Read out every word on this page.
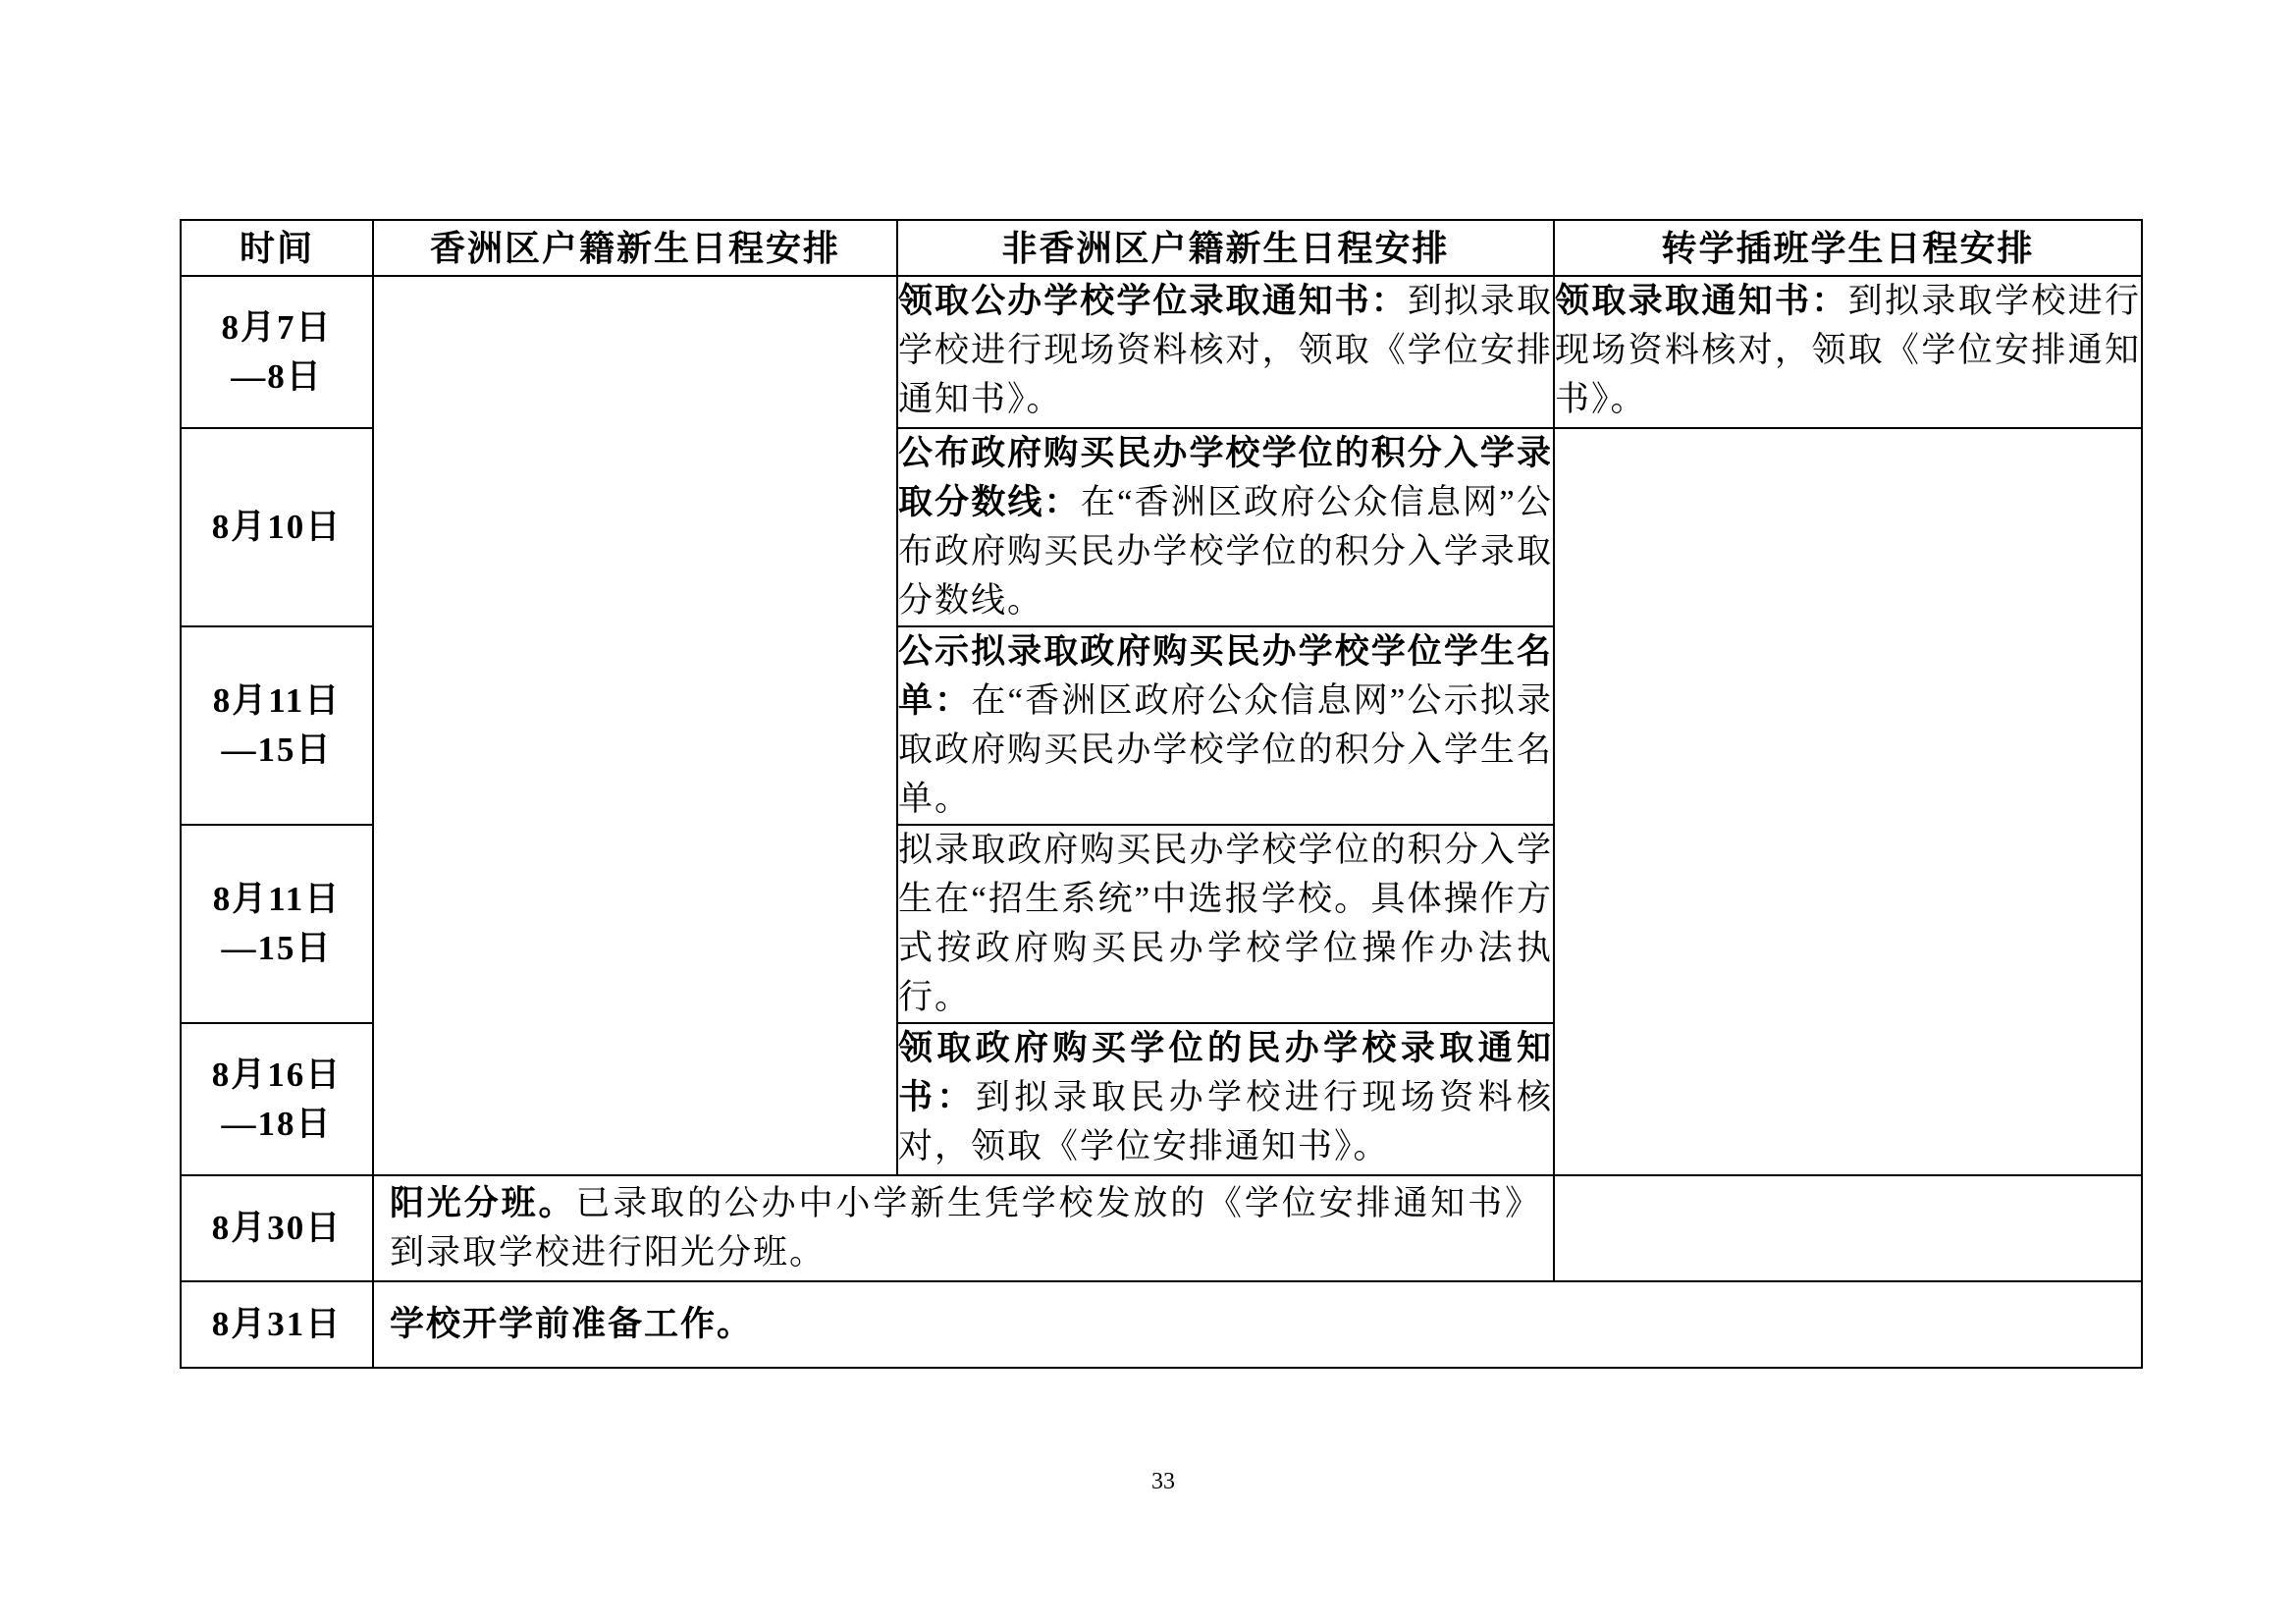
时间	香洲区户籍新生日程安排	非香洲区户籍新生日程安排	转学插班学生日程安排

8月7日
—8日		领取公办学校学位录取通知书：到拟录取学校进行现场资料核对，领取《学位安排通知书》。	领取录取通知书：到拟录取学校进行现场资料核对，领取《学位安排通知书》。

8月10日		公布政府购买民办学校学位的积分入学录取分数线：在“香洲区政府公众信息网”公布政府购买民办学校学位的积分入学录取分数线。	

8月11日
—15日		公示拟录取政府购买民办学校学位学生名单：在“香洲区政府公众信息网”公示拟录取政府购买民办学校学位的积分入学生名单。	

8月11日
—15日		拟录取政府购买民办学校学位的积分入学生在“招生系统”中选报学校。具体操作方式按政府购买民办学校学位操作办法执行。	

8月16日
—18日		领取政府购买学位的民办学校录取通知书：到拟录取民办学校进行现场资料核对，领取《学位安排通知书》。	

8月30日	阳光分班。已录取的公办中小学新生凭学校发放的《学位安排通知书》到录取学校进行阳光分班。		

8月31日	学校开学前准备工作。		
33
